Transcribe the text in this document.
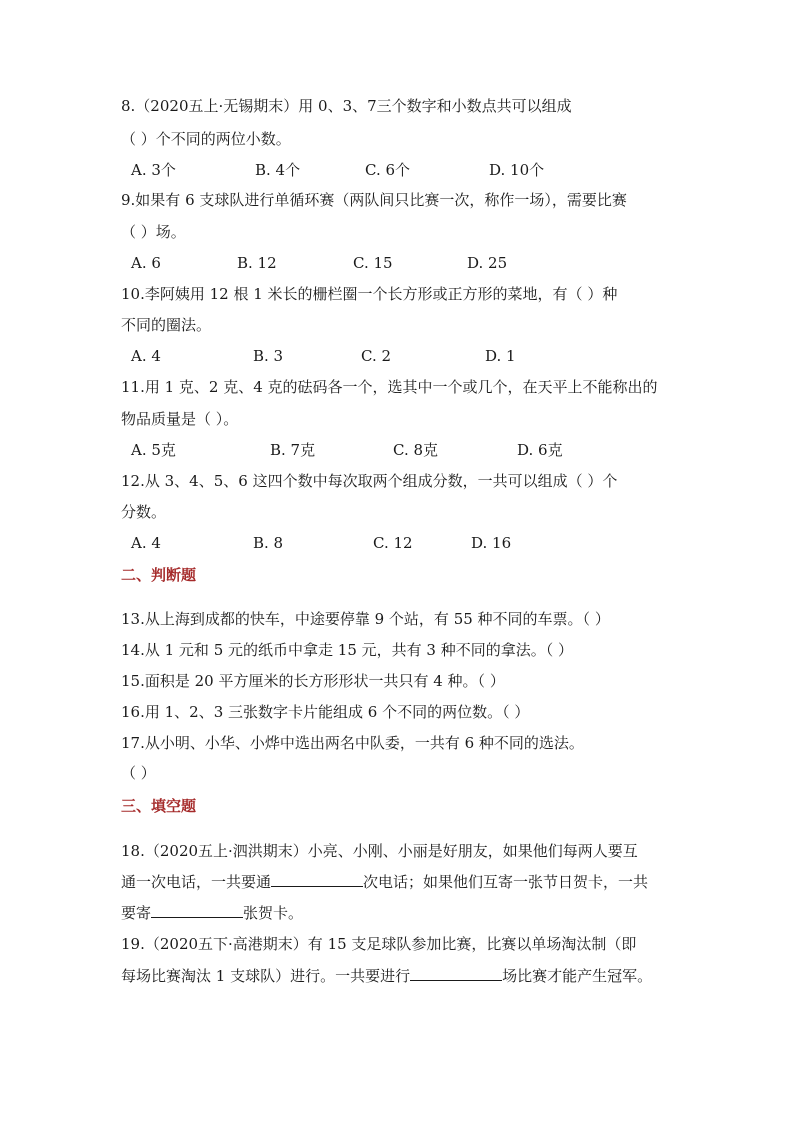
8.（2020五上·无锡期末）用 0、3、7三个数字和小数点共可以组成
（ ）个不同的两位小数。
A. 3个	B. 4个	C. 6个	D. 10个
9.如果有 6 支球队进行单循环赛（两队间只比赛一次，称作一场），需要比赛
（ ）场。
A. 6	B. 12	C. 15	D. 25
10.李阿姨用 12 根 1 米长的栅栏圈一个长方形或正方形的菜地，有（ ）种
不同的圈法。
A. 4	B. 3	C. 2	D. 1
11.用 1 克、2 克、4 克的砝码各一个，选其中一个或几个，在天平上不能称出的
物品质量是（ ）。
A. 5克	B. 7克	C. 8克	D. 6克
12.从 3、4、5、6 这四个数中每次取两个组成分数，一共可以组成（ ）个
分数。
A. 4	B. 8	C. 12	D. 16
二、判断题
13.从上海到成都的快车，中途要停靠 9 个站，有 55 种不同的车票。（ ）
14.从 1 元和 5 元的纸币中拿走 15 元，共有 3 种不同的拿法。（ ）
15.面积是 20 平方厘米的长方形形状一共只有 4 种。（ ）
16.用 1、2、3 三张数字卡片能组成 6 个不同的两位数。（ ）
17.从小明、小华、小烨中选出两名中队委，一共有 6 种不同的选法。
（ ）
三、填空题
18.（2020五上·泗洪期末）小亮、小刚、小丽是好朋友，如果他们每两人要互
通一次电话，一共要通	次电话；如果他们互寄一张节日贺卡，一共
要寄	张贺卡。
19.（2020五下·高港期末）有 15 支足球队参加比赛，比赛以单场淘汰制（即
每场比赛淘汰 1 支球队）进行。一共要进行	场比赛才能产生冠军。
